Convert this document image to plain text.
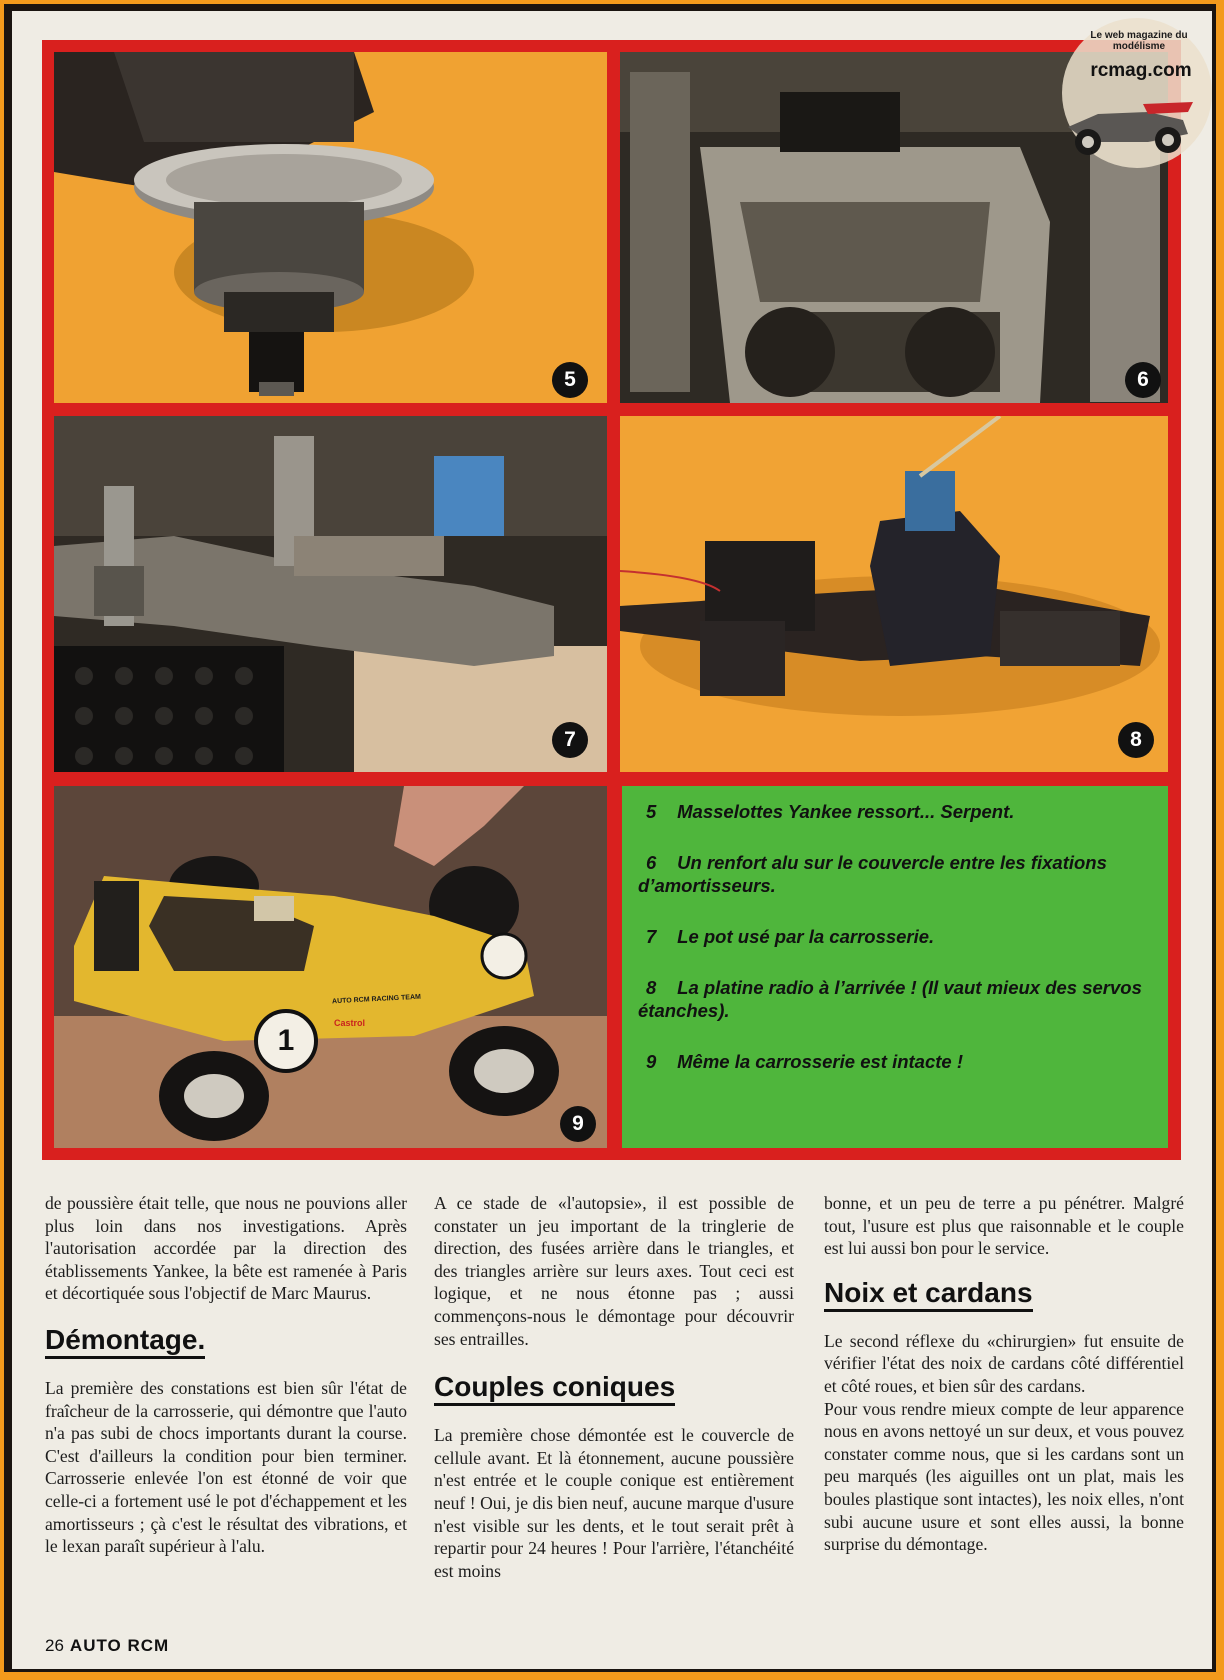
5	6
7	8
1
AUTO RCM RACING TEAM
Castrol
9

5 Masselottes Yankee ressort... Serpent.

6 Un renfort alu sur le couvercle entre les fixations d’amortisseurs.

7 Le pot usé par la carrosserie.

8 La platine radio à l’arrivée ! (Il vaut mieux des servos étanches).

9 Même la carrosserie est intacte !

Le web magazine du modélisme
rcmag.com

de poussière était telle, que nous ne pouvions aller plus loin dans nos investigations. Après l'autorisation accordée par la direction des établissements Yankee, la bête est ramenée à Paris et décortiquée sous l'objectif de Marc Maurus.

Démontage.

La première des constations est bien sûr l'état de fraîcheur de la carrosserie, qui démontre que l'auto n'a pas subi de chocs importants durant la course. C'est d'ailleurs la condition pour bien terminer. Carrosserie enlevée l'on est étonné de voir que celle-ci a fortement usé le pot d'échappement et les amortisseurs ; çà c'est le résultat des vibrations, et le lexan paraît supérieur à l'alu.

A ce stade de «l'autopsie», il est possible de constater un jeu important de la tringlerie de direction, des fusées arrière dans le triangles, et des triangles arrière sur leurs axes. Tout ceci est logique, et ne nous étonne pas ; aussi commençons-nous le démontage pour découvrir ses entrailles.

Couples coniques

La première chose démontée est le couvercle de cellule avant. Et là étonnement, aucune poussière n'est entrée et le couple conique est entièrement neuf ! Oui, je dis bien neuf, aucune marque d'usure n'est visible sur les dents, et le tout serait prêt à repartir pour 24 heures ! Pour l'arrière, l'étanchéité est moins

bonne, et un peu de terre a pu pénétrer. Malgré tout, l'usure est plus que raisonnable et le couple est lui aussi bon pour le service.

Noix et cardans

Le second réflexe du «chirurgien» fut ensuite de vérifier l'état des noix de cardans côté différentiel et côté roues, et bien sûr des cardans.

Pour vous rendre mieux compte de leur apparence nous en avons nettoyé un sur deux, et vous pouvez constater comme nous, que si les cardans sont un peu marqués (les aiguilles ont un plat, mais les boules plastique sont intactes), les noix elles, n'ont subi aucune usure et sont elles aussi, la bonne surprise du démontage.

26 AUTO RCM
